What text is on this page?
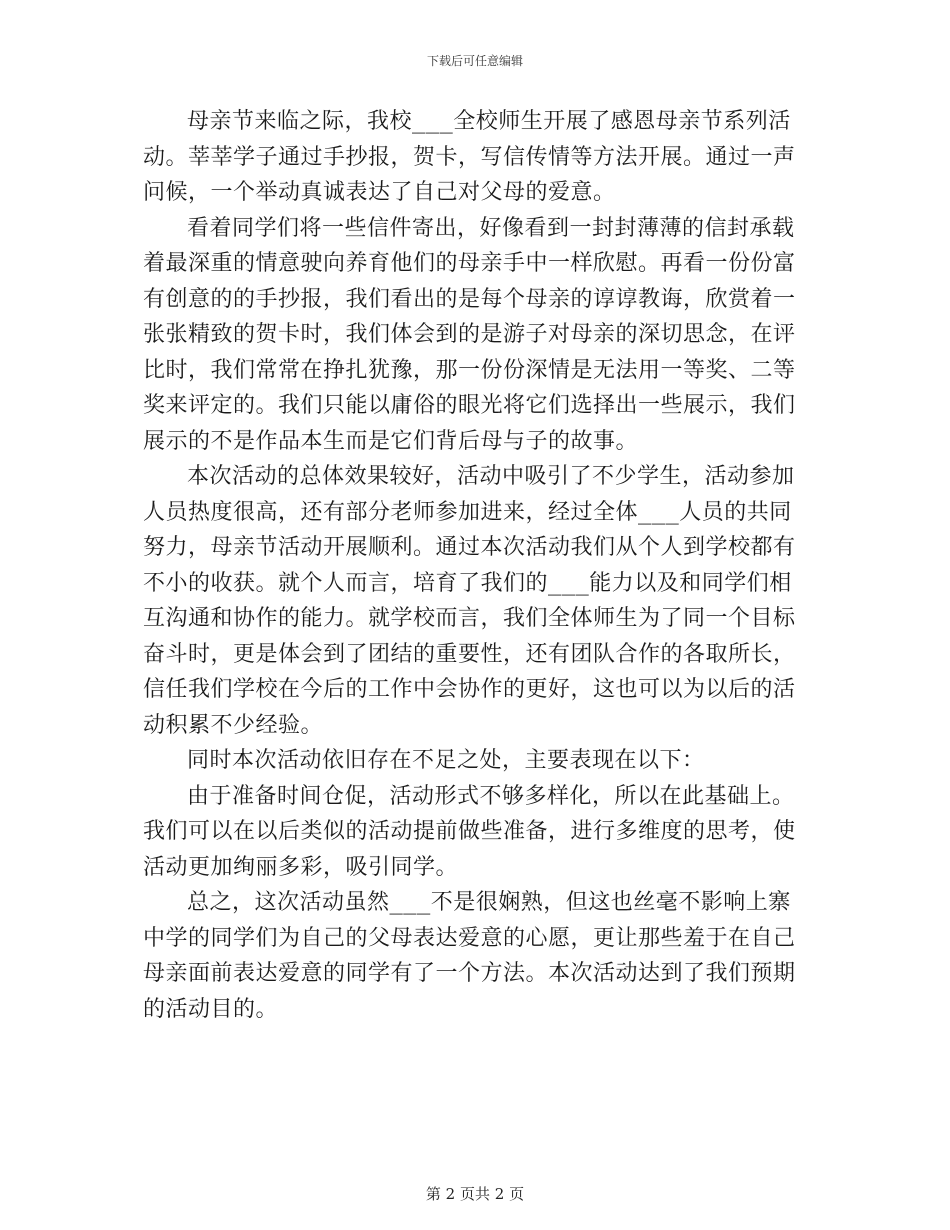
下载后可任意编辑

母亲节来临之际，我校___全校师生开展了感恩母亲节系列活动。莘莘学子通过手抄报，贺卡，写信传情等方法开展。通过一声问候，一个举动真诚表达了自己对父母的爱意。

看着同学们将一些信件寄出，好像看到一封封薄薄的信封承载着最深重的情意驶向养育他们的母亲手中一样欣慰。再看一份份富有创意的的手抄报，我们看出的是每个母亲的谆谆教诲，欣赏着一张张精致的贺卡时，我们体会到的是游子对母亲的深切思念，在评比时，我们常常在挣扎犹豫，那一份份深情是无法用一等奖、二等奖来评定的。我们只能以庸俗的眼光将它们选择出一些展示，我们展示的不是作品本生而是它们背后母与子的故事。

本次活动的总体效果较好，活动中吸引了不少学生，活动参加人员热度很高，还有部分老师参加进来，经过全体___人员的共同努力，母亲节活动开展顺利。通过本次活动我们从个人到学校都有不小的收获。就个人而言，培育了我们的___能力以及和同学们相互沟通和协作的能力。就学校而言，我们全体师生为了同一个目标奋斗时，更是体会到了团结的重要性，还有团队合作的各取所长，信任我们学校在今后的工作中会协作的更好，这也可以为以后的活动积累不少经验。

同时本次活动依旧存在不足之处，主要表现在以下：

由于准备时间仓促，活动形式不够多样化，所以在此基础上。我们可以在以后类似的活动提前做些准备，进行多维度的思考，使活动更加绚丽多彩，吸引同学。

总之，这次活动虽然___不是很娴熟，但这也丝毫不影响上寨中学的同学们为自己的父母表达爱意的心愿，更让那些羞于在自己母亲面前表达爱意的同学有了一个方法。本次活动达到了我们预期的活动目的。

第 2 页共 2 页
